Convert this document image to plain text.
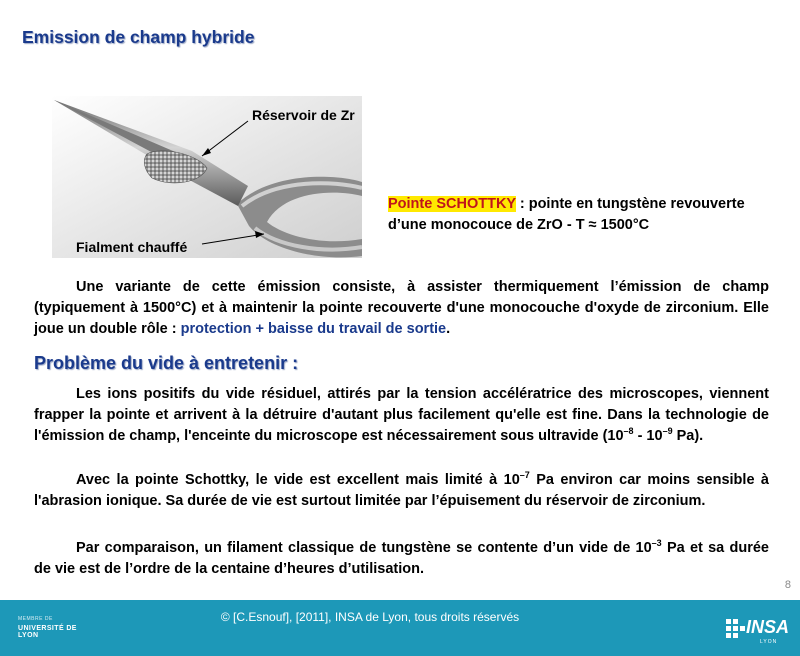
Emission de champ hybride
Réservoir de Zr
Fialment chauffé
Pointe SCHOTTKY : pointe en tungstène revouverte d’une monocouce de ZrO - T ≈ 1500°C

Une variante de cette émission consiste, à assister thermiquement l’émission de champ (typiquement à 1500°C) et à maintenir la pointe recouverte d'une monocouche d'oxyde de zirconium. Elle joue un double rôle : protection + baisse du travail de sortie.

Problème du vide à entretenir :

Les ions positifs du vide résiduel, attirés par la tension accélératrice des microscopes, viennent frapper la pointe et arrivent à la détruire d'autant plus facilement qu'elle est fine. Dans la technologie de l'émission de champ, l'enceinte du microscope est nécessairement sous ultravide ($10^{-8} - 10^{-9}$ Pa).

Avec la pointe Schottky, le vide est excellent mais limité à $10^{-7}$ Pa environ car moins sensible à l'abrasion ionique. Sa durée de vie est surtout limitée par l’épuisement du réservoir de zirconium.

Par comparaison, un filament classique de tungstène se contente d’un vide de $10^{-3}$ Pa et sa durée de vie est de l’ordre de la centaine d’heures d’utilisation.

8
MEMBRE DE
UNIVERSITÉ DE LYON
© [C.Esnouf], [2011], INSA de Lyon, tous droits réservés	INSA
LYON
